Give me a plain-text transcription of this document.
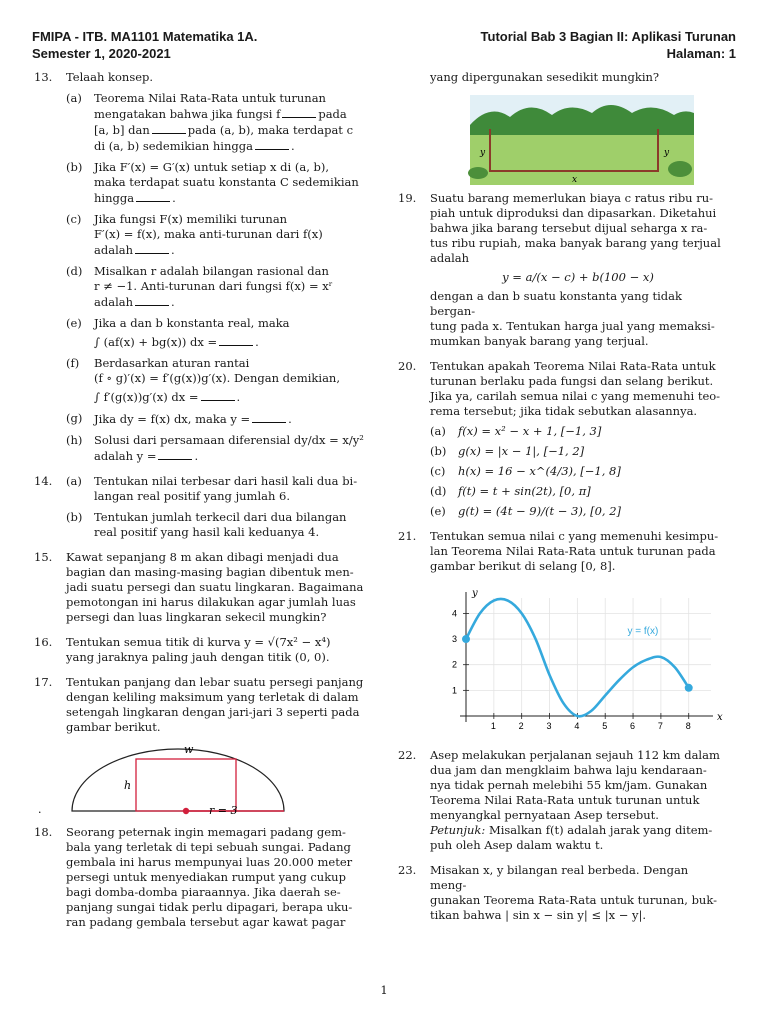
FMIPA - ITB. MA1101 Matematika 1A.	Tutorial Bab 3 Bagian II: Aplikasi Turunan
Semester 1, 2020-2021	Halaman: 1
13. Telaah konsep.
(a) Teorema Nilai Rata-Rata untuk turunan
mengatakan bahwa jika fungsi f	pada
[a, b] dan	pada (a, b), maka terdapat c
di (a, b) sedemikian hingga	.
(b) Jika F′(x) = G′(x) untuk setiap x di (a, b),
maka terdapat suatu konstanta C sedemikian
hingga	.
(c) Jika fungsi F(x) memiliki turunan
F′(x) = f(x), maka anti-turunan dari f(x)
adalah	.
(d) Misalkan r adalah bilangan rasional dan
r ≠ −1. Anti-turunan dari fungsi f(x) = xʳ
adalah	.
(e) Jika a dan b konstanta real, maka
∫ (af(x) + bg(x)) dx =	.
(f) Berdasarkan aturan rantai
(f ∘ g)′(x) = f′(g(x))g′(x). Dengan demikian,
∫ f′(g(x))g′(x) dx =	.
(g) Jika dy = f(x) dx, maka y =	.
(h) Solusi dari persamaan diferensial dy/dx = x/y²
adalah y =	.
14. (a) Tentukan nilai terbesar dari hasil kali dua bi-
langan real positif yang jumlah 6.
(b) Tentukan jumlah terkecil dari dua bilangan
real positif yang hasil kali keduanya 4.
15. Kawat sepanjang 8 m akan dibagi menjadi dua
bagian dan masing-masing bagian dibentuk men-
jadi suatu persegi dan suatu lingkaran. Bagaimana
pemotongan ini harus dilakukan agar jumlah luas
persegi dan luas lingkaran sekecil mungkin?
16. Tentukan semua titik di kurva y = √(7x² − x⁴)
yang jaraknya paling jauh dengan titik (0, 0).
17. Tentukan panjang dan lebar suatu persegi panjang
dengan keliling maksimum yang terletak di dalam
setengah lingkaran dengan jari-jari 3 seperti pada
gambar berikut.
w
h
r = 3
.
18. Seorang peternak ingin memagari padang gem-
bala yang terletak di tepi sebuah sungai. Padang
gembala ini harus mempunyai luas 20.000 meter
persegi untuk menyediakan rumput yang cukup
bagi domba-domba piaraannya. Jika daerah se-
panjang sungai tidak perlu dipagari, berapa uku-
ran padang gembala tersebut agar kawat pagar
yang dipergunakan sesedikit mungkin?
y	y
x
19. Suatu barang memerlukan biaya c ratus ribu ru-
piah untuk diproduksi dan dipasarkan. Diketahui
bahwa jika barang tersebut dijual seharga x ra-
tus ribu rupiah, maka banyak barang yang terjual
adalah
y = a/(x − c) + b(100 − x)
dengan a dan b suatu konstanta yang tidak bergan-
tung pada x. Tentukan harga jual yang memaksi-
mumkan banyak barang yang terjual.
20. Tentukan apakah Teorema Nilai Rata-Rata untuk
turunan berlaku pada fungsi dan selang berikut.
Jika ya, carilah semua nilai c yang memenuhi teo-
rema tersebut; jika tidak sebutkan alasannya.
(a) f(x) = x² − x + 1, [−1, 3]
(b) g(x) = |x − 1|, [−1, 2]
(c) h(x) = 16 − x^(4/3), [−1, 8]
(d) f(t) = t + sin(2t), [0, π]
(e) g(t) = (4t − 9)/(t − 3), [0, 2]
21. Tentukan semua nilai c yang memenuhi kesimpu-
lan Teorema Nilai Rata-Rata untuk turunan pada
gambar berikut di selang [0, 8].
1	2	3	4	5	6	7	8
1
2
3
4
y = f(x)
x
y
22. Asep melakukan perjalanan sejauh 112 km dalam
dua jam dan mengklaim bahwa laju kendaraan-
nya tidak pernah melebihi 55 km/jam. Gunakan
Teorema Nilai Rata-Rata untuk turunan untuk
menyangkal pernyataan Asep tersebut.
Petunjuk: Misalkan f(t) adalah jarak yang ditem-
puh oleh Asep dalam waktu t.
23. Misakan x, y bilangan real berbeda. Dengan meng-
gunakan Teorema Rata-Rata untuk turunan, buk-
tikan bahwa | sin x − sin y| ≤ |x − y|.
1
